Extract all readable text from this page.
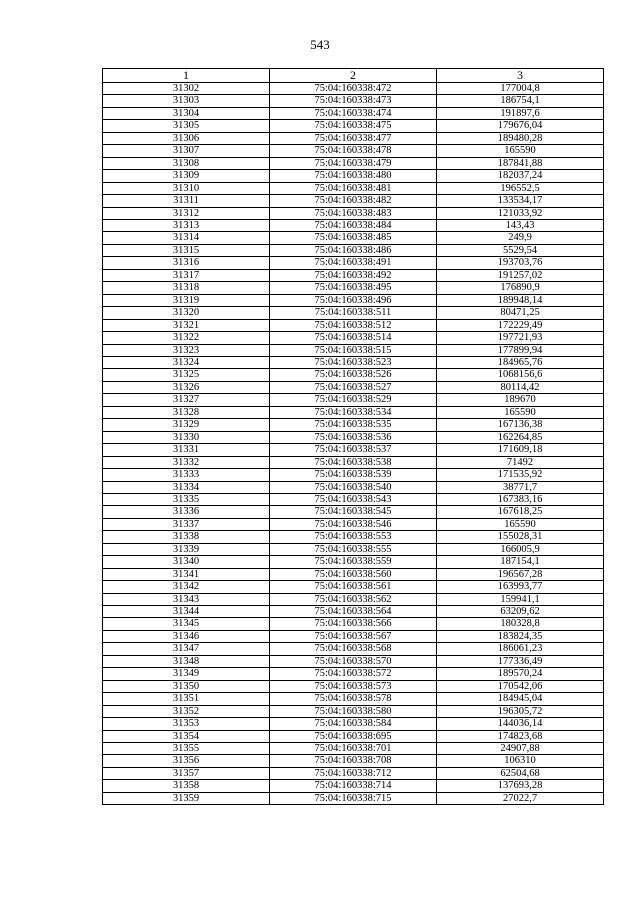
543
1	2	3
31302	75:04:160338:472	177004,8
31303	75:04:160338:473	186754,1
31304	75:04:160338:474	191897,6
31305	75:04:160338:475	179676,04
31306	75:04:160338:477	189480,28
31307	75:04:160338:478	165590
31308	75:04:160338:479	187841,88
31309	75:04:160338:480	182037,24
31310	75:04:160338:481	196552,5
31311	75:04:160338:482	133534,17
31312	75:04:160338:483	121033,92
31313	75:04:160338:484	143,43
31314	75:04:160338:485	249,9
31315	75:04:160338:486	5529,54
31316	75:04:160338:491	193703,76
31317	75:04:160338:492	191257,02
31318	75:04:160338:495	176890,9
31319	75:04:160338:496	189948,14
31320	75:04:160338:511	80471,25
31321	75:04:160338:512	172229,49
31322	75:04:160338:514	197721,93
31323	75:04:160338:515	177899,94
31324	75:04:160338:523	184965,76
31325	75:04:160338:526	1068156,6
31326	75:04:160338:527	80114,42
31327	75:04:160338:529	189670
31328	75:04:160338:534	165590
31329	75:04:160338:535	167136,38
31330	75:04:160338:536	162264,85
31331	75:04:160338:537	171609,18
31332	75:04:160338:538	71492
31333	75:04:160338:539	171535,92
31334	75:04:160338:540	38771,7
31335	75:04:160338:543	167383,16
31336	75:04:160338:545	167618,25
31337	75:04:160338:546	165590
31338	75:04:160338:553	155028,31
31339	75:04:160338:555	166005,9
31340	75:04:160338:559	187154,1
31341	75:04:160338:560	196567,28
31342	75:04:160338:561	163993,77
31343	75:04:160338:562	159941,1
31344	75:04:160338:564	63209,62
31345	75:04:160338:566	180328,8
31346	75:04:160338:567	183824,35
31347	75:04:160338:568	186061,23
31348	75:04:160338:570	177336,49
31349	75:04:160338:572	189570,24
31350	75:04:160338:573	170542,06
31351	75:04:160338:578	184945,04
31352	75:04:160338:580	196305,72
31353	75:04:160338:584	144036,14
31354	75:04:160338:695	174823,68
31355	75:04:160338:701	24907,88
31356	75:04:160338:708	106310
31357	75:04:160338:712	62504,68
31358	75:04:160338:714	137693,28
31359	75:04:160338:715	27022,7
